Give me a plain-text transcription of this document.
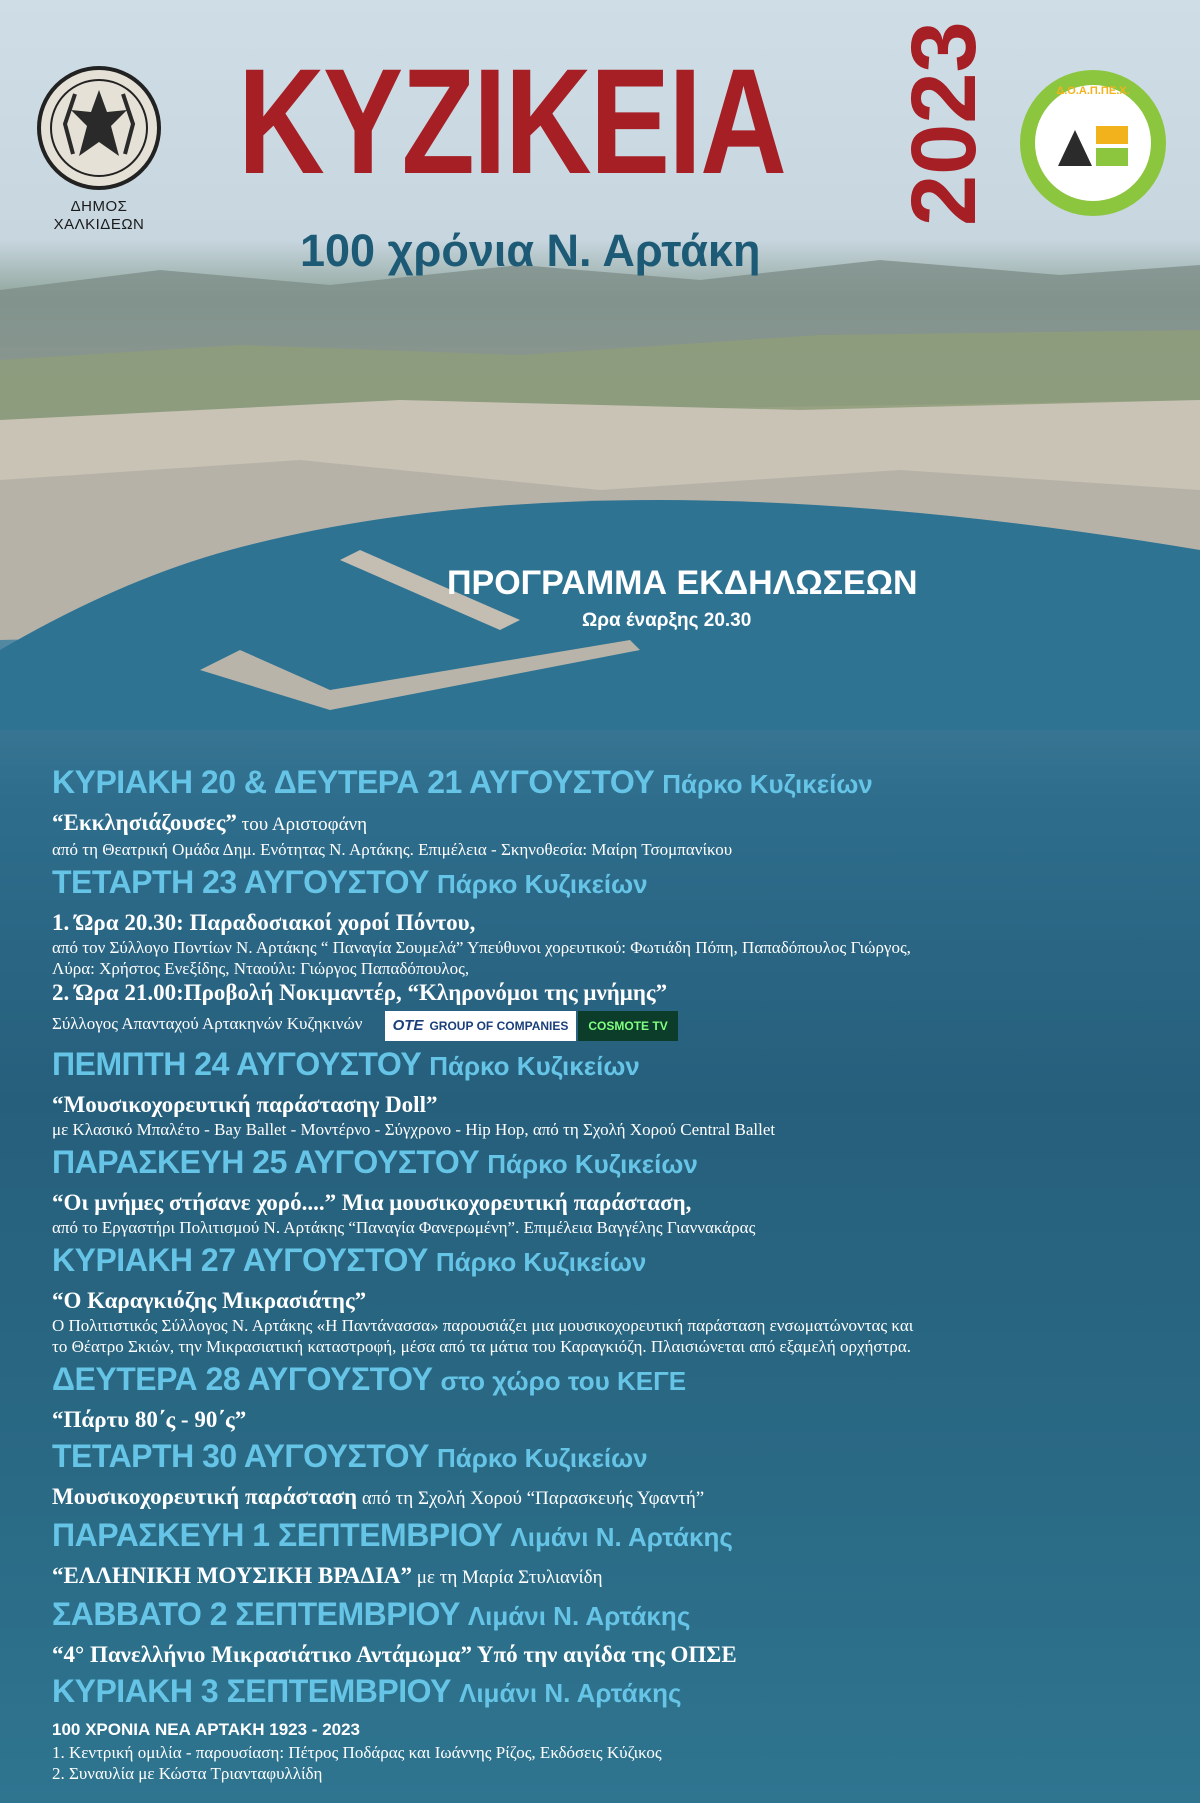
ΔΗΜΟΣ
ΧΑΛΚΙΔΕΩΝ
ΚΥΖΙΚΕΙΑ 2023
100 χρόνια Ν. Αρτάκη
Δ.Ο.Α.Π.ΠΕ.Χ.
ΠΡΟΓΡΑΜΜΑ ΕΚΔΗΛΩΣΕΩΝ
Ωρα έναρξης 20.30
ΚΥΡΙΑΚΗ 20 & ΔΕΥΤΕΡΑ 21 ΑΥΓΟΥΣΤΟΥ Πάρκο Κυζικείων
“Εκκλησιάζουσες” του Αριστοφάνη
από τη Θεατρική Ομάδα Δημ. Ενότητας Ν. Αρτάκης. Επιμέλεια - Σκηνοθεσία: Μαίρη Τσομπανίκου
ΤΕΤΑΡΤΗ 23 ΑΥΓΟΥΣΤΟΥ Πάρκο Κυζικείων
1. Ώρα 20.30: Παραδοσιακοί χοροί Πόντου,
από τον Σύλλογο Ποντίων Ν. Αρτάκης “ Παναγία Σουμελά” Υπεύθυνοι χορευτικού: Φωτιάδη Πόπη, Παπαδόπουλος Γιώργος,
Λύρα: Χρήστος Ενεξίδης, Νταούλι: Γιώργος Παπαδόπουλος,
2. Ώρα 21.00:Προβολή Νοκιμαντέρ, “Κληρονόμοι της μνήμης”
Σύλλογος Απανταχού Αρτακηνών Κυζηκινών ΟΤΕ GROUP OF COMPANIES COSMOTE TV
ΠΕΜΠΤΗ 24 ΑΥΓΟΥΣΤΟΥ Πάρκο Κυζικείων
“Μουσικοχορευτική παράστασηγ Doll”
με Κλασικό Μπαλέτο - Bay Ballet - Μοντέρνο - Σύγχρονο - Hip Hop, από τη Σχολή Χορού Central Ballet
ΠΑΡΑΣΚΕΥΗ 25 ΑΥΓΟΥΣΤΟΥ Πάρκο Κυζικείων
“Οι μνήμες στήσανε χορό....” Μια μουσικοχορευτική παράσταση,
από το Εργαστήρι Πολιτισμού Ν. Αρτάκης “Παναγία Φανερωμένη”. Επιμέλεια Βαγγέλης Γιαννακάρας
ΚΥΡΙΑΚΗ 27 ΑΥΓΟΥΣΤΟΥ Πάρκο Κυζικείων
“Ο Καραγκιόζης Μικρασιάτης”
Ο Πολιτιστικός Σύλλογος Ν. Αρτάκης «Η Παντάνασσα» παρουσιάζει μια μουσικοχορευτική παράσταση ενσωματώνοντας και
το Θέατρο Σκιών, την Μικρασιατική καταστροφή, μέσα από τα μάτια του Καραγκιόζη. Πλαισιώνεται από εξαμελή ορχήστρα.
ΔΕΥΤΕΡΑ 28 ΑΥΓΟΥΣΤΟΥ στο χώρο του ΚΕΓΕ
“Πάρτυ 80΄ς - 90΄ς”
ΤΕΤΑΡΤΗ 30 ΑΥΓΟΥΣΤΟΥ Πάρκο Κυζικείων
Μουσικοχορευτική παράσταση από τη Σχολή Χορού “Παρασκευής Υφαντή”
ΠΑΡΑΣΚΕΥΗ 1 ΣΕΠΤΕΜΒΡΙΟΥ Λιμάνι Ν. Αρτάκης
“ΕΛΛΗΝΙΚΗ ΜΟΥΣΙΚΗ ΒΡΑΔΙΑ” με τη Μαρία Στυλιανίδη
ΣΑΒΒΑΤΟ 2 ΣΕΠΤΕΜΒΡΙΟΥ Λιμάνι Ν. Αρτάκης
“4° Πανελλήνιο Μικρασιάτικο Αντάμωμα” Υπό την αιγίδα της ΟΠΣΕ
ΚΥΡΙΑΚΗ 3 ΣΕΠΤΕΜΒΡΙΟΥ Λιμάνι Ν. Αρτάκης
100 ΧΡΟΝΙΑ ΝΕΑ ΑΡΤΑΚΗ 1923 - 2023
1. Κεντρική ομιλία - παρουσίαση: Πέτρος Ποδάρας και Ιωάννης Ρίζος, Εκδόσεις Κύζικος
2. Συναυλία με Κώστα Τριανταφυλλίδη
